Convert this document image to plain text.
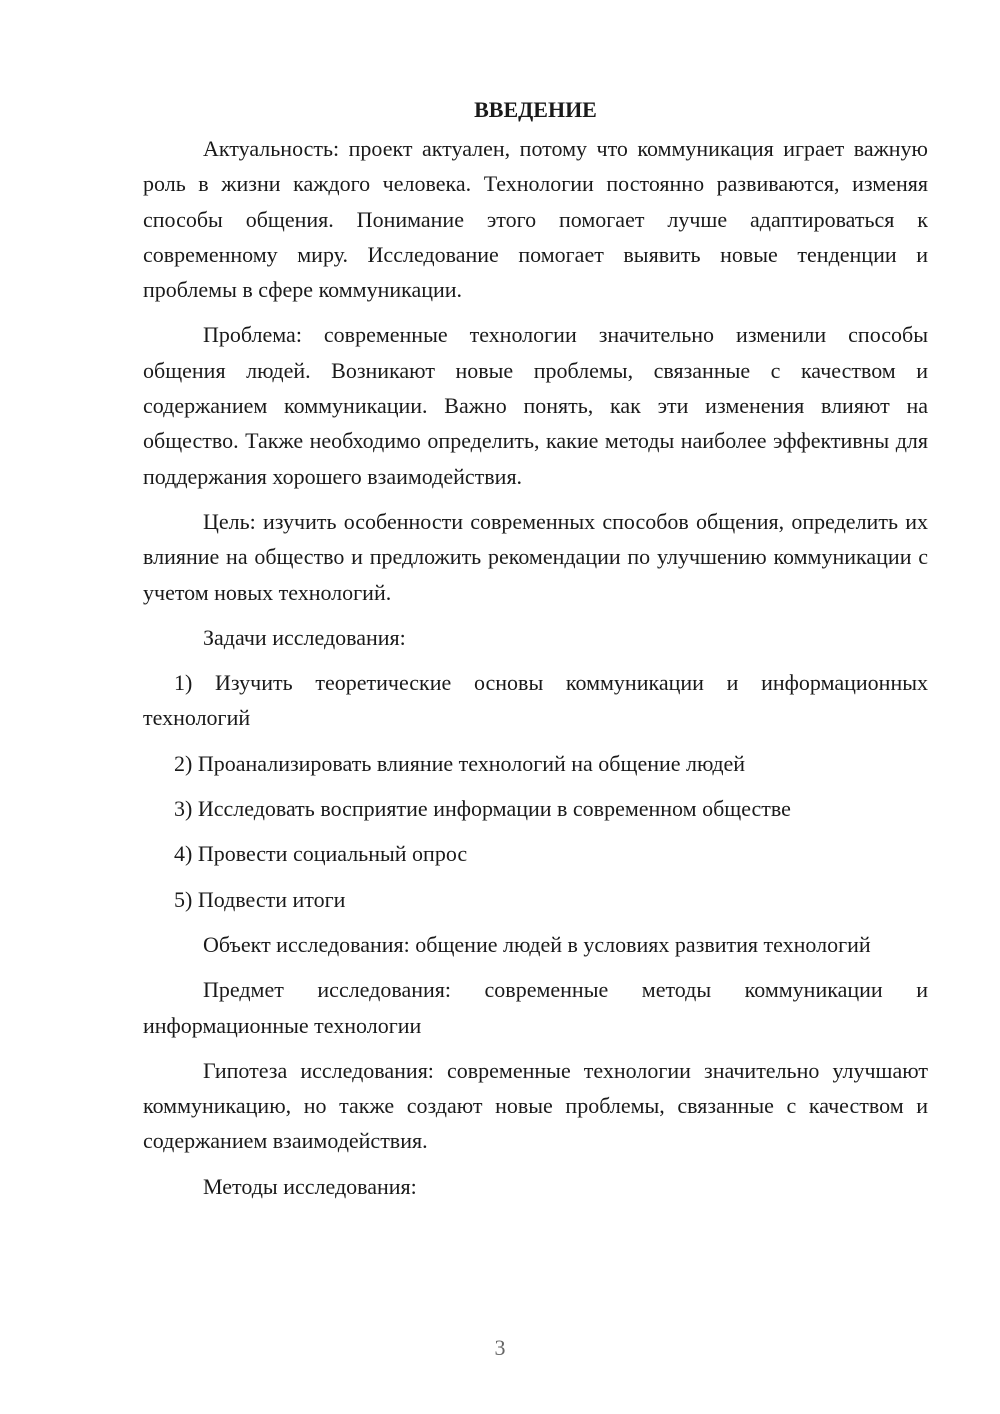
ВВЕДЕНИЕ

Актуальность: проект актуален, потому что коммуникация играет важную роль в жизни каждого человека. Технологии постоянно развиваются, изменяя способы общения. Понимание этого помогает лучше адаптироваться к современному миру. Исследование помогает выявить новые тенденции и проблемы в сфере коммуникации.

Проблема: современные технологии значительно изменили способы общения людей. Возникают новые проблемы, связанные с качеством и содержанием коммуникации. Важно понять, как эти изменения влияют на общество. Также необходимо определить, какие методы наиболее эффективны для поддержания хорошего взаимодействия.

Цель: изучить особенности современных способов общения, определить их влияние на общество и предложить рекомендации по улучшению коммуникации с учетом новых технологий.

Задачи исследования:

1) Изучить теоретические основы коммуникации и информационных технологий

2) Проанализировать влияние технологий на общение людей

3) Исследовать восприятие информации в современном обществе

4) Провести социальный опрос

5) Подвести итоги

Объект исследования: общение людей в условиях развития технологий

Предмет исследования: современные методы коммуникации и информационные технологии

Гипотеза исследования: современные технологии значительно улучшают коммуникацию, но также создают новые проблемы, связанные с качеством и содержанием взаимодействия.

Методы исследования:

3
